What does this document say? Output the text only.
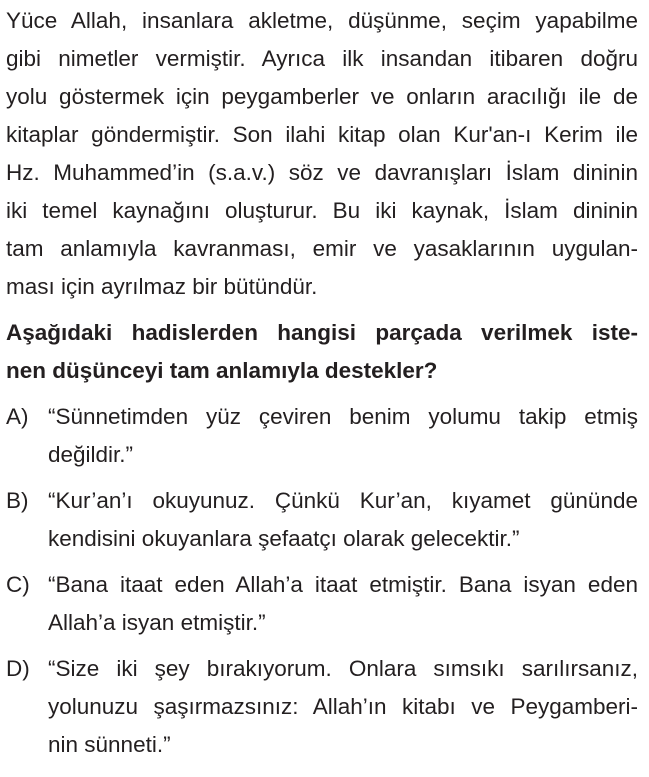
Yüce Allah, insanlara akletme, düşünme, seçim yapabilme
gibi nimetler vermiştir. Ayrıca ilk insandan itibaren doğru
yolu göstermek için peygamberler ve onların aracılığı ile de
kitaplar göndermiştir. Son ilahi kitap olan Kur'an-ı Kerim ile
Hz. Muhammed’in (s.a.v.) söz ve davranışları İslam dininin
iki temel kaynağını oluşturur. Bu iki kaynak, İslam dininin
tam anlamıyla kavranması, emir ve yasaklarının uygulan-
ması için ayrılmaz bir bütündür.
Aşağıdaki hadislerden hangisi parçada verilmek iste-
nen düşünceyi tam anlamıyla destekler?
A) “Sünnetimden yüz çeviren benim yolumu takip etmiş
değildir.”
B) “Kur’an’ı okuyunuz. Çünkü Kur’an, kıyamet gününde
kendisini okuyanlara şefaatçı olarak gelecektir.”
C) “Bana itaat eden Allah’a itaat etmiştir. Bana isyan eden
Allah’a isyan etmiştir.”
D) “Size iki şey bırakıyorum. Onlara sımsıkı sarılırsanız,
yolunuzu şaşırmazsınız: Allah’ın kitabı ve Peygamberi-
nin sünneti.”
